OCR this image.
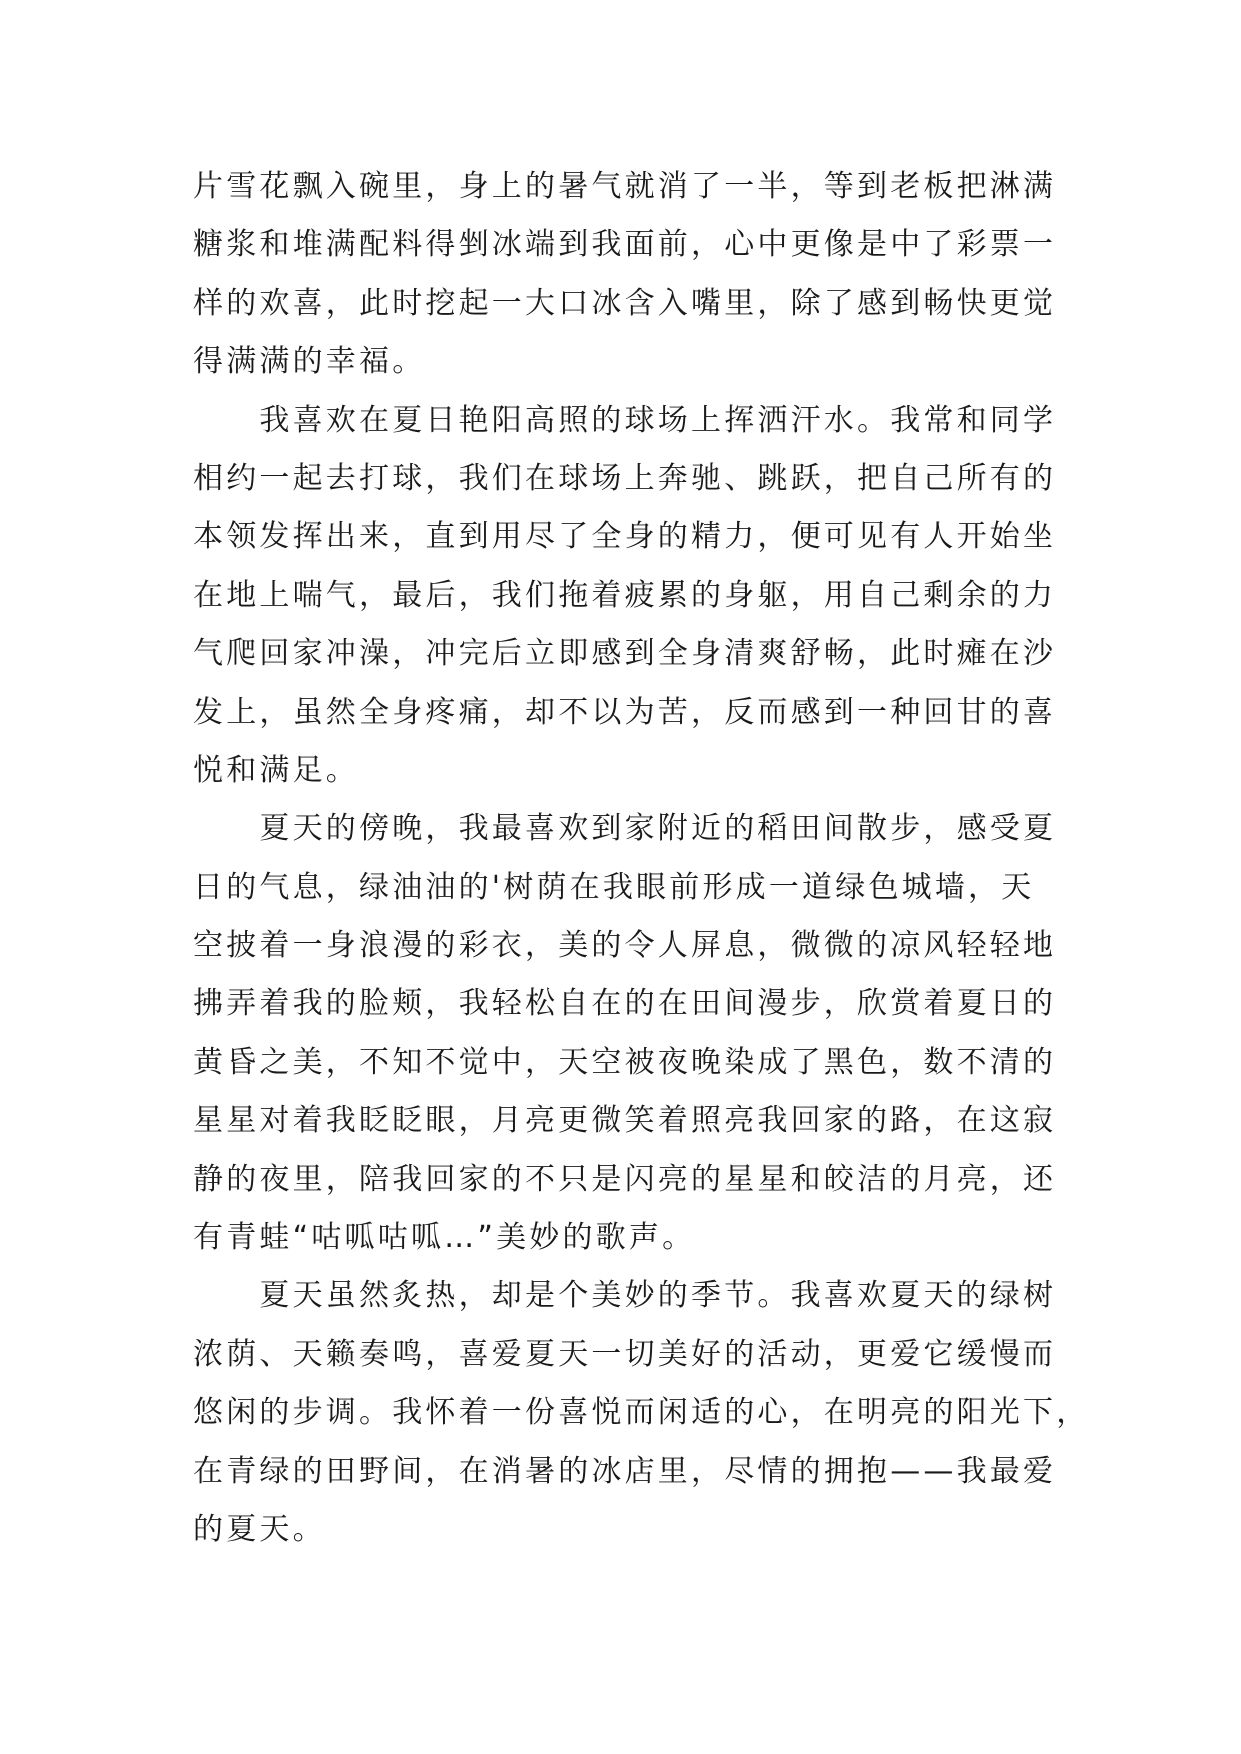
片雪花飘入碗里，身上的暑气就消了一半，等到老板把淋满
糖浆和堆满配料得剉冰端到我面前，心中更像是中了彩票一
样的欢喜，此时挖起一大口冰含入嘴里，除了感到畅快更觉
得满满的幸福。
　　我喜欢在夏日艳阳高照的球场上挥洒汗水。我常和同学
相约一起去打球，我们在球场上奔驰、跳跃，把自己所有的
本领发挥出来，直到用尽了全身的精力，便可见有人开始坐
在地上喘气，最后，我们拖着疲累的身躯，用自己剩余的力
气爬回家冲澡，冲完后立即感到全身清爽舒畅，此时瘫在沙
发上，虽然全身疼痛，却不以为苦，反而感到一种回甘的喜
悦和满足。
　　夏天的傍晚，我最喜欢到家附近的稻田间散步，感受夏
日的气息，绿油油的'树荫在我眼前形成一道绿色城墙，天
空披着一身浪漫的彩衣，美的令人屏息，微微的凉风轻轻地
拂弄着我的脸颊，我轻松自在的在田间漫步，欣赏着夏日的
黄昏之美，不知不觉中，天空被夜晚染成了黑色，数不清的
星星对着我眨眨眼，月亮更微笑着照亮我回家的路，在这寂
静的夜里，陪我回家的不只是闪亮的星星和皎洁的月亮，还
有青蛙“咕呱咕呱…”美妙的歌声。
　　夏天虽然炙热，却是个美妙的季节。我喜欢夏天的绿树
浓荫、天籁奏鸣，喜爱夏天一切美好的活动，更爱它缓慢而
悠闲的步调。我怀着一份喜悦而闲适的心，在明亮的阳光下，
在青绿的田野间，在消暑的冰店里，尽情的拥抱——我最爱
的夏天。
